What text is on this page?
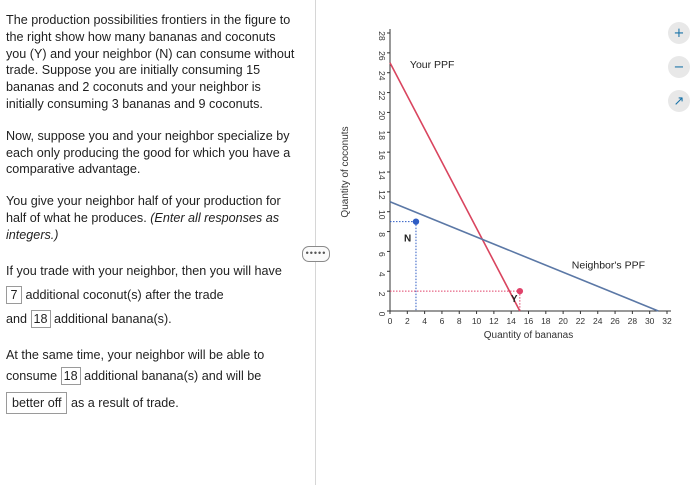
The production possibilities frontiers in the figure to the right show how many bananas and coconuts you (Y) and your neighbor (N) can consume without trade. Suppose you are initially consuming 15 bananas and 2 coconuts and your neighbor is initially consuming 3 bananas and 9 coconuts.

Now, suppose you and your neighbor specialize by each only producing the good for which you have a comparative advantage.

You give your neighbor half of your production for half of what he produces. (Enter all responses as integers.)

If you trade with your neighbor, then you will have 7 additional coconut(s) after the trade

and 18 additional banana(s).

At the same time, your neighbor will be able to consume 18 additional banana(s) and will be

better off as a result of trade.

•••••
0
2
4
6
8
10
12
14
16
18
20
22
24
26
28
0 2 4 6 8 10 12 14 16 18 20 22 24 26 28 30 32
Quantity of bananas
Quantity of coconuts
Your PPF
Neighbor's PPF
Y
N
+
−
↗
